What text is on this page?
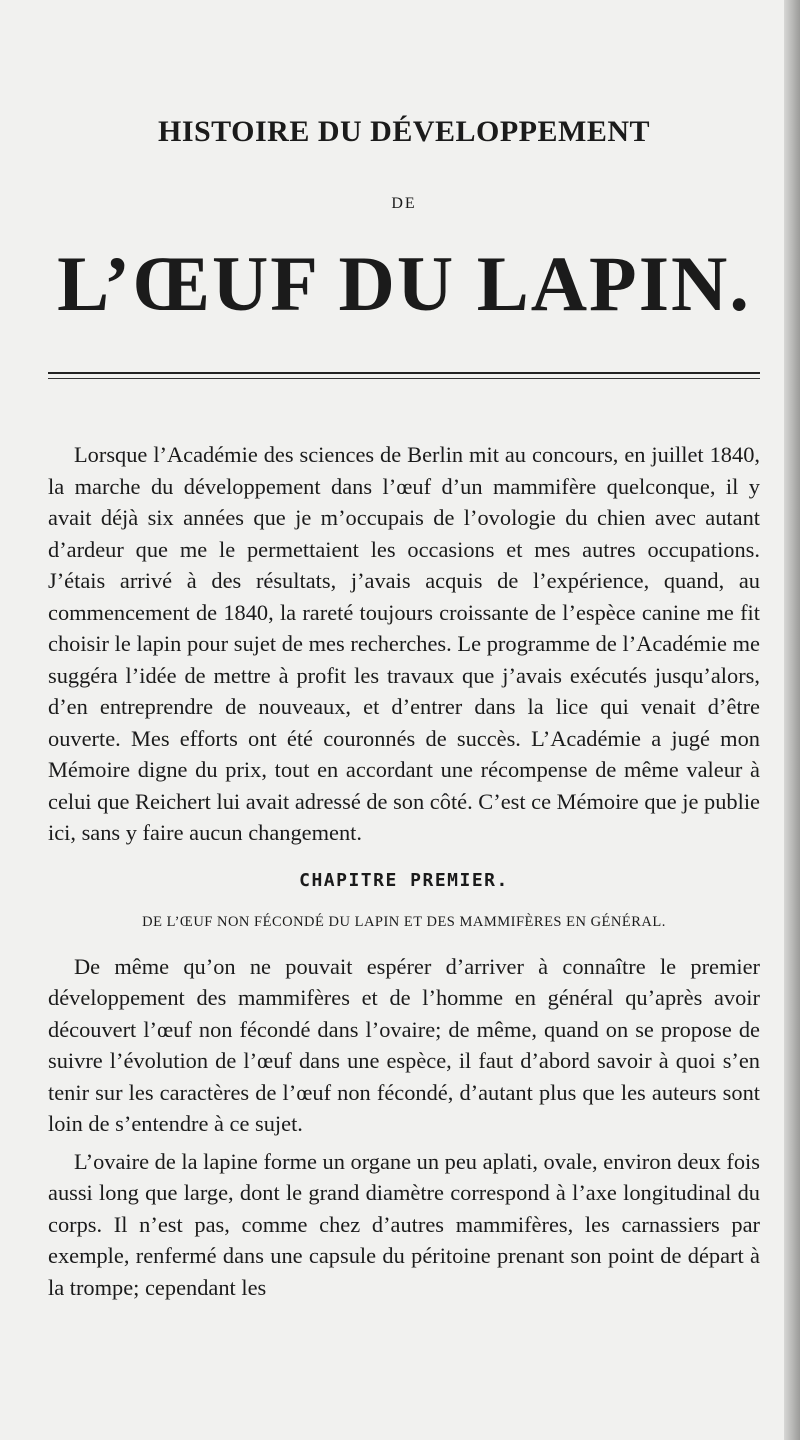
HISTOIRE DU DÉVELOPPEMENT
DE
L’ŒUF DU LAPIN.

Lorsque l’Académie des sciences de Berlin mit au concours, en juillet 1840, la marche du développement dans l’œuf d’un mammifère quelconque, il y avait déjà six années que je m’occupais de l’ovologie du chien avec autant d’ardeur que me le permettaient les occasions et mes autres occupations. J’étais arrivé à des résultats, j’avais acquis de l’expérience, quand, au commencement de 1840, la rareté toujours croissante de l’espèce canine me fit choisir le lapin pour sujet de mes recherches. Le programme de l’Académie me suggéra l’idée de mettre à profit les travaux que j’avais exécutés jusqu’alors, d’en entreprendre de nouveaux, et d’entrer dans la lice qui venait d’être ouverte. Mes efforts ont été couronnés de succès. L’Académie a jugé mon Mémoire digne du prix, tout en accordant une récompense de même valeur à celui que Reichert lui avait adressé de son côté. C’est ce Mémoire que je publie ici, sans y faire aucun changement.

CHAPITRE PREMIER.
DE L’ŒUF NON FÉCONDÉ DU LAPIN ET DES MAMMIFÈRES EN GÉNÉRAL.

De même qu’on ne pouvait espérer d’arriver à connaître le premier développement des mammifères et de l’homme en général qu’après avoir découvert l’œuf non fécondé dans l’ovaire; de même, quand on se propose de suivre l’évolution de l’œuf dans une espèce, il faut d’abord savoir à quoi s’en tenir sur les caractères de l’œuf non fécondé, d’autant plus que les auteurs sont loin de s’entendre à ce sujet.

L’ovaire de la lapine forme un organe un peu aplati, ovale, environ deux fois aussi long que large, dont le grand diamètre correspond à l’axe longitudinal du corps. Il n’est pas, comme chez d’autres mammifères, les carnassiers par exemple, renfermé dans une capsule du péritoine prenant son point de départ à la trompe; cependant les
